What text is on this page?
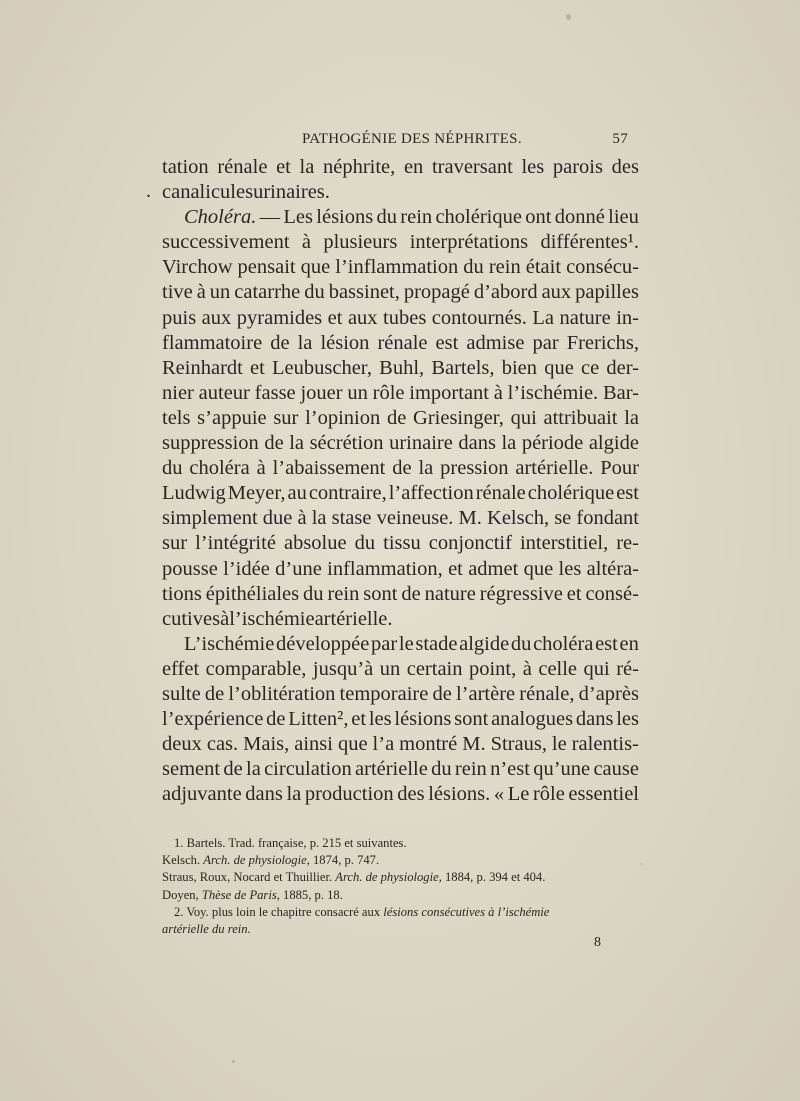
PATHOGÉNIE DES NÉPHRITES.	57
.
tation rénale et la néphrite, en traversant les parois des
canalicules urinaires.
Choléra. — Les lésions du rein cholérique ont donné lieu
successivement à plusieurs interprétations différentes¹.
Virchow pensait que l’inflammation du rein était consécu-
tive à un catarrhe du bassinet, propagé d’abord aux papilles
puis aux pyramides et aux tubes contournés. La nature in-
flammatoire de la lésion rénale est admise par Frerichs,
Reinhardt et Leubuscher, Buhl, Bartels, bien que ce der-
nier auteur fasse jouer un rôle important à l’ischémie. Bar-
tels s’appuie sur l’opinion de Griesinger, qui attribuait la
suppression de la sécrétion urinaire dans la période algide
du choléra à l’abaissement de la pression artérielle. Pour
Ludwig Meyer, au contraire, l’affection rénale cholérique est
simplement due à la stase veineuse. M. Kelsch, se fondant
sur l’intégrité absolue du tissu conjonctif interstitiel, re-
pousse l’idée d’une inflammation, et admet que les altéra-
tions épithéliales du rein sont de nature régressive et consé-
cutives à l’ischémie artérielle.
L’ischémie développée par le stade algide du choléra est en
effet comparable, jusqu’à un certain point, à celle qui ré-
sulte de l’oblitération temporaire de l’artère rénale, d’après
l’expérience de Litten², et les lésions sont analogues dans les
deux cas. Mais, ainsi que l’a montré M. Straus, le ralentis-
sement de la circulation artérielle du rein n’est qu’une cause
adjuvante dans la production des lésions. « Le rôle essentiel
1. Bartels. Trad. française, p. 215 et suivantes.
Kelsch. Arch. de physiologie, 1874, p. 747.
Straus, Roux, Nocard et Thuillier. Arch. de physiologie, 1884, p. 394 et 404.
Doyen, Thèse de Paris, 1885, p. 18.
2. Voy. plus loin le chapitre consacré aux lésions consécutives à l’ischémie
artérielle du rein.
8
